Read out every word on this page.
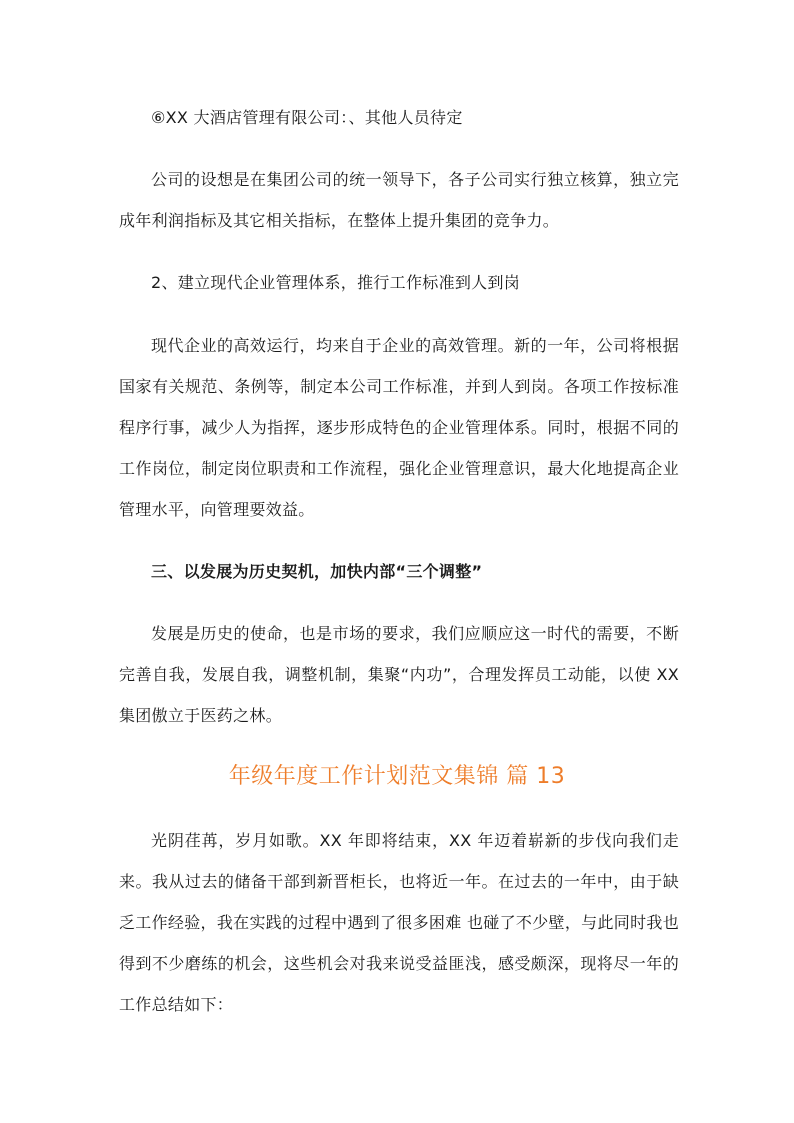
⑥XX 大酒店管理有限公司：、其他人员待定

公司的设想是在集团公司的统一领导下，各子公司实行独立核算，独立完成年利润指标及其它相关指标，在整体上提升集团的竞争力。

2、建立现代企业管理体系，推行工作标准到人到岗

现代企业的高效运行，均来自于企业的高效管理。新的一年，公司将根据国家有关规范、条例等，制定本公司工作标准，并到人到岗。各项工作按标准程序行事，减少人为指挥，逐步形成特色的企业管理体系。同时，根据不同的工作岗位，制定岗位职责和工作流程，强化企业管理意识，最大化地提高企业管理水平，向管理要效益。

三、以发展为历史契机，加快内部“三个调整”

发展是历史的使命，也是市场的要求，我们应顺应这一时代的需要，不断完善自我，发展自我，调整机制，集聚“内功”，合理发挥员工动能，以使 XX 集团傲立于医药之林。

年级年度工作计划范文集锦 篇 13

光阴荏苒，岁月如歌。XX 年即将结束，XX 年迈着崭新的步伐向我们走来。我从过去的储备干部到新晋柜长，也将近一年。在过去的一年中，由于缺乏工作经验，我在实践的过程中遇到了很多困难 也碰了不少壁，与此同时我也得到不少磨练的机会，这些机会对我来说受益匪浅，感受颇深，现将尽一年的工作总结如下：
